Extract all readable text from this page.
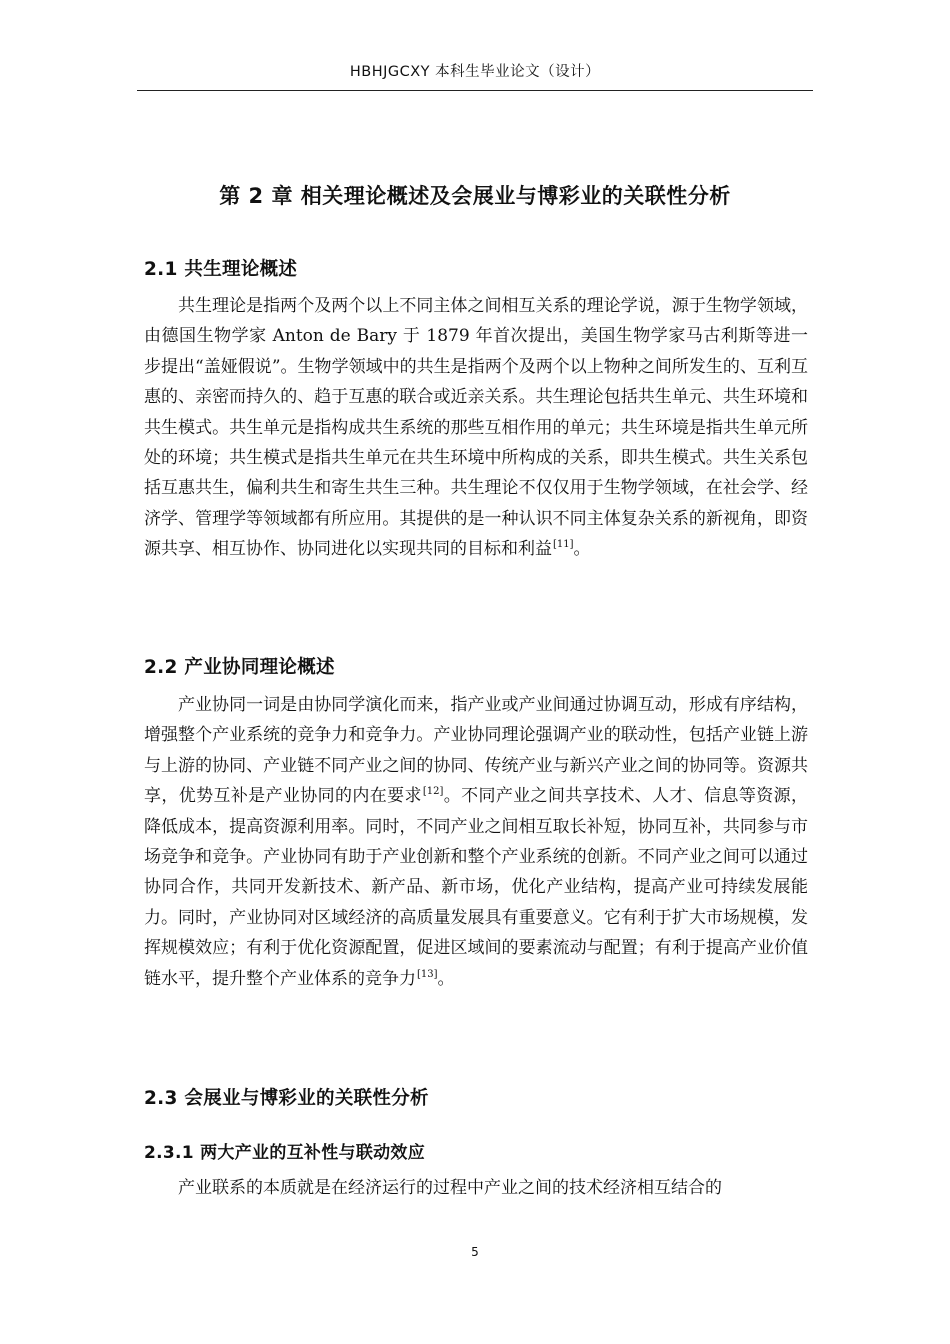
HBHJGCXY 本科生毕业论文（设计）
第 2 章 相关理论概述及会展业与博彩业的关联性分析
2.1 共生理论概述

共生理论是指两个及两个以上不同主体之间相互关系的理论学说，源于生物学领域，由德国生物学家 Anton de Bary 于 1879 年首次提出，美国生物学家马古利斯等进一步提出“盖娅假说”。生物学领域中的共生是指两个及两个以上物种之间所发生的、互利互惠的、亲密而持久的、趋于互惠的联合或近亲关系。共生理论包括共生单元、共生环境和共生模式。共生单元是指构成共生系统的那些互相作用的单元；共生环境是指共生单元所处的环境；共生模式是指共生单元在共生环境中所构成的关系，即共生模式。共生关系包括互惠共生，偏利共生和寄生共生三种。共生理论不仅仅用于生物学领域，在社会学、经济学、管理学等领域都有所应用。其提供的是一种认识不同主体复杂关系的新视角，即资源共享、相互协作、协同进化以实现共同的目标和利益[11]。

2.2 产业协同理论概述

产业协同一词是由协同学演化而来，指产业或产业间通过协调互动，形成有序结构，增强整个产业系统的竞争力和竞争力。产业协同理论强调产业的联动性，包括产业链上游与上游的协同、产业链不同产业之间的协同、传统产业与新兴产业之间的协同等。资源共享，优势互补是产业协同的内在要求[12]。不同产业之间共享技术、人才、信息等资源，降低成本，提高资源利用率。同时，不同产业之间相互取长补短，协同互补，共同参与市场竞争和竞争。产业协同有助于产业创新和整个产业系统的创新。不同产业之间可以通过协同合作，共同开发新技术、新产品、新市场，优化产业结构，提高产业可持续发展能力。同时，产业协同对区域经济的高质量发展具有重要意义。它有利于扩大市场规模，发挥规模效应；有利于优化资源配置，促进区域间的要素流动与配置；有利于提高产业价值链水平，提升整个产业体系的竞争力[13]。

2.3 会展业与博彩业的关联性分析
2.3.1 两大产业的互补性与联动效应

产业联系的本质就是在经济运行的过程中产业之间的技术经济相互结合的

5
